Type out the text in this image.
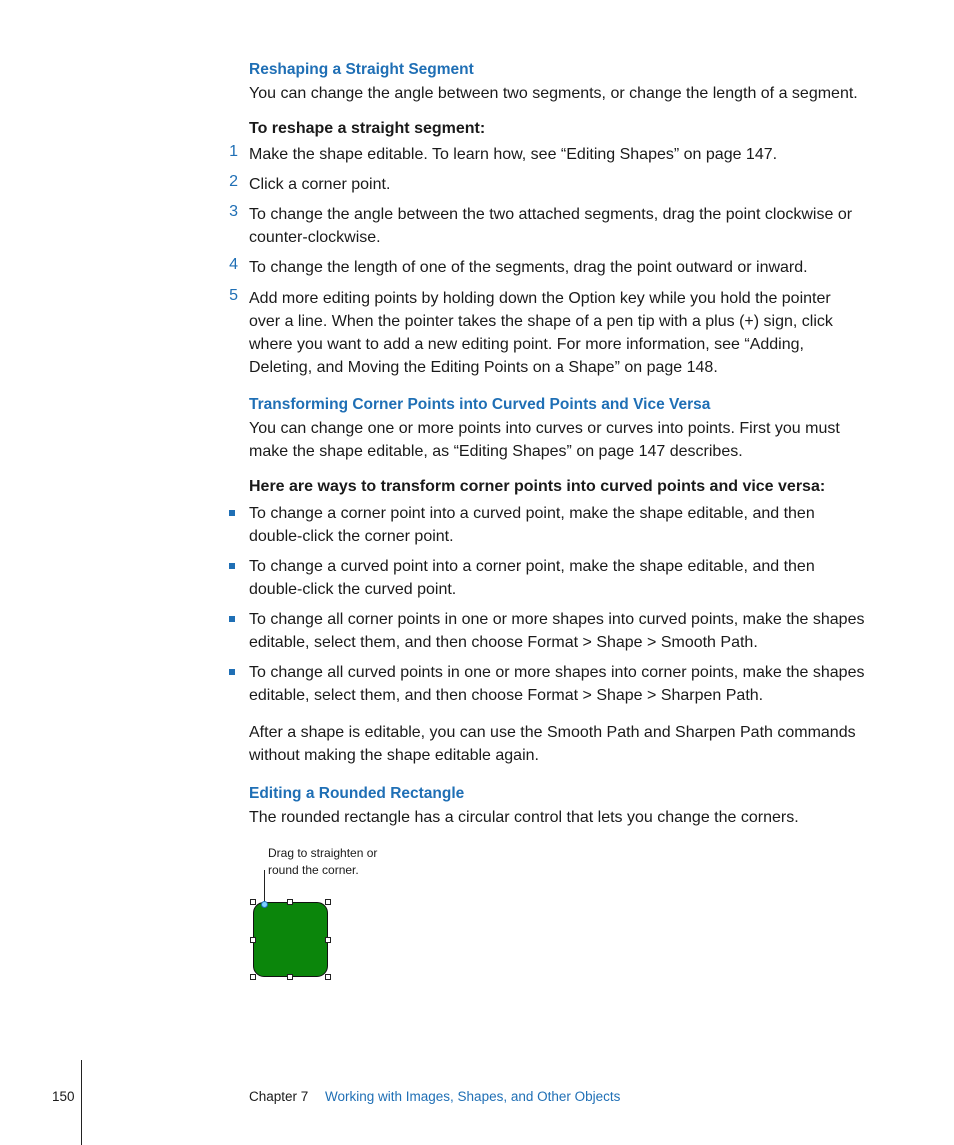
Reshaping a Straight Segment
You can change the angle between two segments, or change the length of a segment.
To reshape a straight segment:
1 Make the shape editable. To learn how, see “Editing Shapes” on page 147.
2 Click a corner point.
3 To change the angle between the two attached segments, drag the point clockwise or
counter-clockwise.
4 To change the length of one of the segments, drag the point outward or inward.
5 Add more editing points by holding down the Option key while you hold the pointer
over a line. When the pointer takes the shape of a pen tip with a plus (+) sign, click
where you want to add a new editing point. For more information, see “Adding,
Deleting, and Moving the Editing Points on a Shape” on page 148.
Transforming Corner Points into Curved Points and Vice Versa
You can change one or more points into curves or curves into points. First you must
make the shape editable, as “Editing Shapes” on page 147 describes.
Here are ways to transform corner points into curved points and vice versa:
To change a corner point into a curved point, make the shape editable, and then
double-click the corner point.
To change a curved point into a corner point, make the shape editable, and then
double-click the curved point.
To change all corner points in one or more shapes into curved points, make the shapes
editable, select them, and then choose Format > Shape > Smooth Path.
To change all curved points in one or more shapes into corner points, make the shapes
editable, select them, and then choose Format > Shape > Sharpen Path.
After a shape is editable, you can use the Smooth Path and Sharpen Path commands
without making the shape editable again.
Editing a Rounded Rectangle
The rounded rectangle has a circular control that lets you change the corners.
Drag to straighten or
round the corner.
150	Chapter 7 Working with Images, Shapes, and Other Objects
